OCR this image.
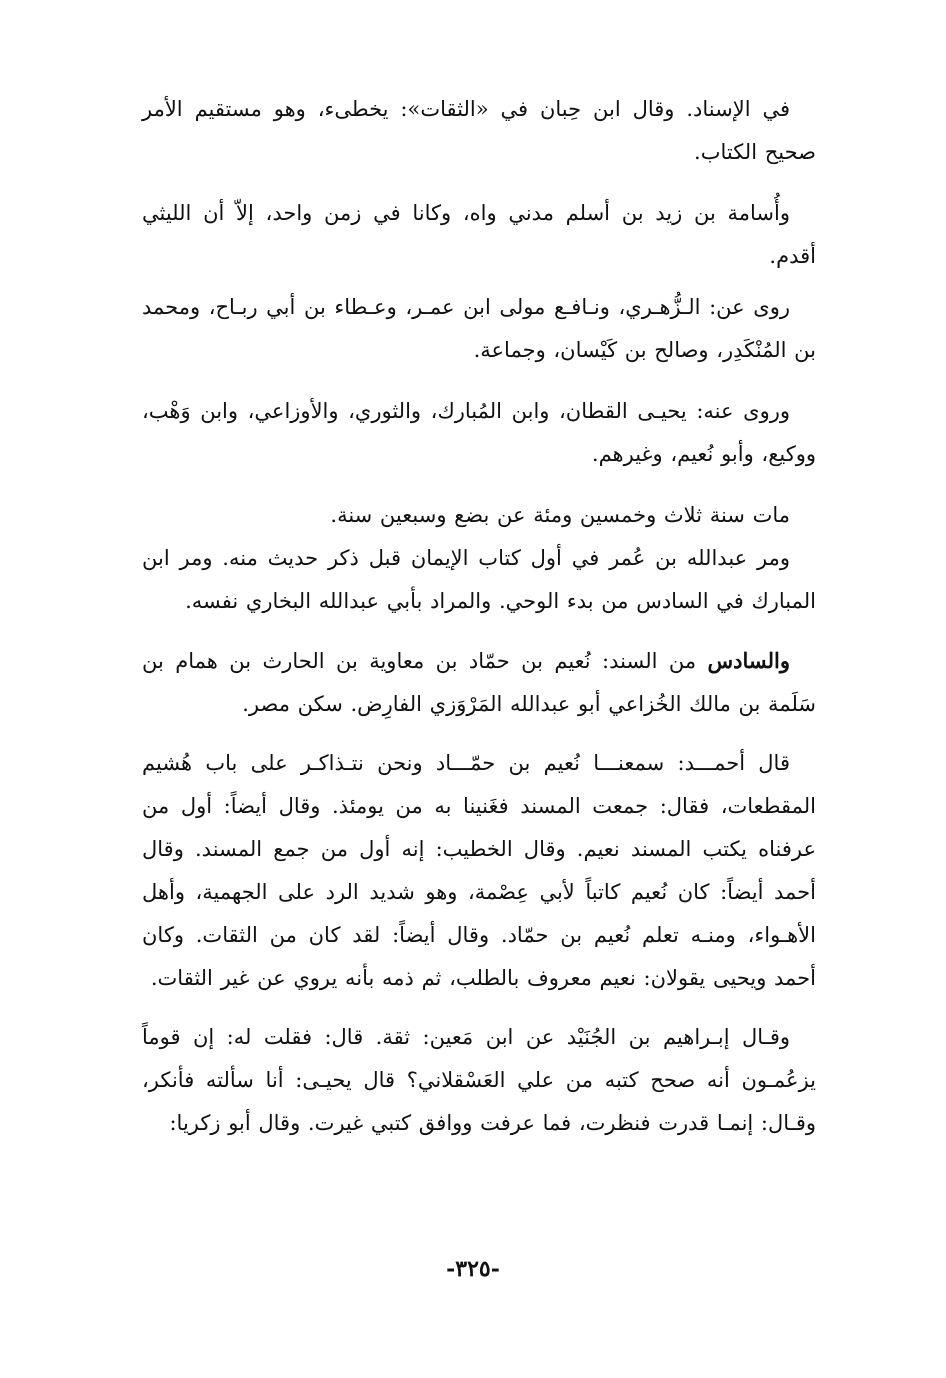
في الإسناد. وقال ابن حِبان في «الثقات»: يخطىء، وهو مستقيم الأمر صحيح الكتاب.

وأُسامة بن زيد بن أسلم مدني واه، وكانا في زمن واحد، إلاّ أن الليثي أقدم.

روى عن: الـزُّهـري، ونـافـع مولى ابن عمـر، وعـطاء بن أبي ربـاح، ومحمد بن المُنْكَدِر، وصالح بن كَيْسان، وجماعة.

وروى عنه: يحيـى القطان، وابن المُبارك، والثوري، والأوزاعي، وابن وَهْب، ووكيع، وأبو نُعيم، وغيرهم.

مات سنة ثلاث وخمسين ومئة عن بضع وسبعين سنة.

ومر عبدالله بن عُمر في أول كتاب الإيمان قبل ذكر حديث منه. ومر ابن المبارك في السادس من بدء الوحي. والمراد بأبي عبدالله البخاري نفسه.

والسادس من السند: نُعيم بن حمّاد بن معاوية بن الحارث بن همام بن سَلَمة بن مالك الخُزاعي أبو عبدالله المَرْوَزي الفارِض. سكن مصر.

قال أحمـــد: سمعنـــا نُعيم بن حمّـــاد ونحن نتـذاكـر على باب هُشيم المقطعات، فقال: جمعت المسند فغَنينا به من يومئذ. وقال أيضاً: أول من عرفناه يكتب المسند نعيم. وقال الخطيب: إنه أول من جمع المسند. وقال أحمد أيضاً: كان نُعيم كاتباً لأبي عِصْمة، وهو شديد الرد على الجهمية، وأهل الأهـواء، ومنـه تعلم نُعيم بن حمّاد. وقال أيضاً: لقد كان من الثقات. وكان أحمد ويحيى يقولان: نعيم معروف بالطلب، ثم ذمه بأنه يروي عن غير الثقات.

وقـال إبـراهيم بن الجُنَيْد عن ابن مَعين: ثقة. قال: فقلت له: إن قوماً يزعُمـون أنه صحح كتبه من علي العَسْقلاني؟ قال يحيـى: أنا سألته فأنكر، وقـال: إنمـا قدرت فنظرت، فما عرفت ووافق كتبي غيرت. وقال أبو زكريا:

-٣٢٥-
